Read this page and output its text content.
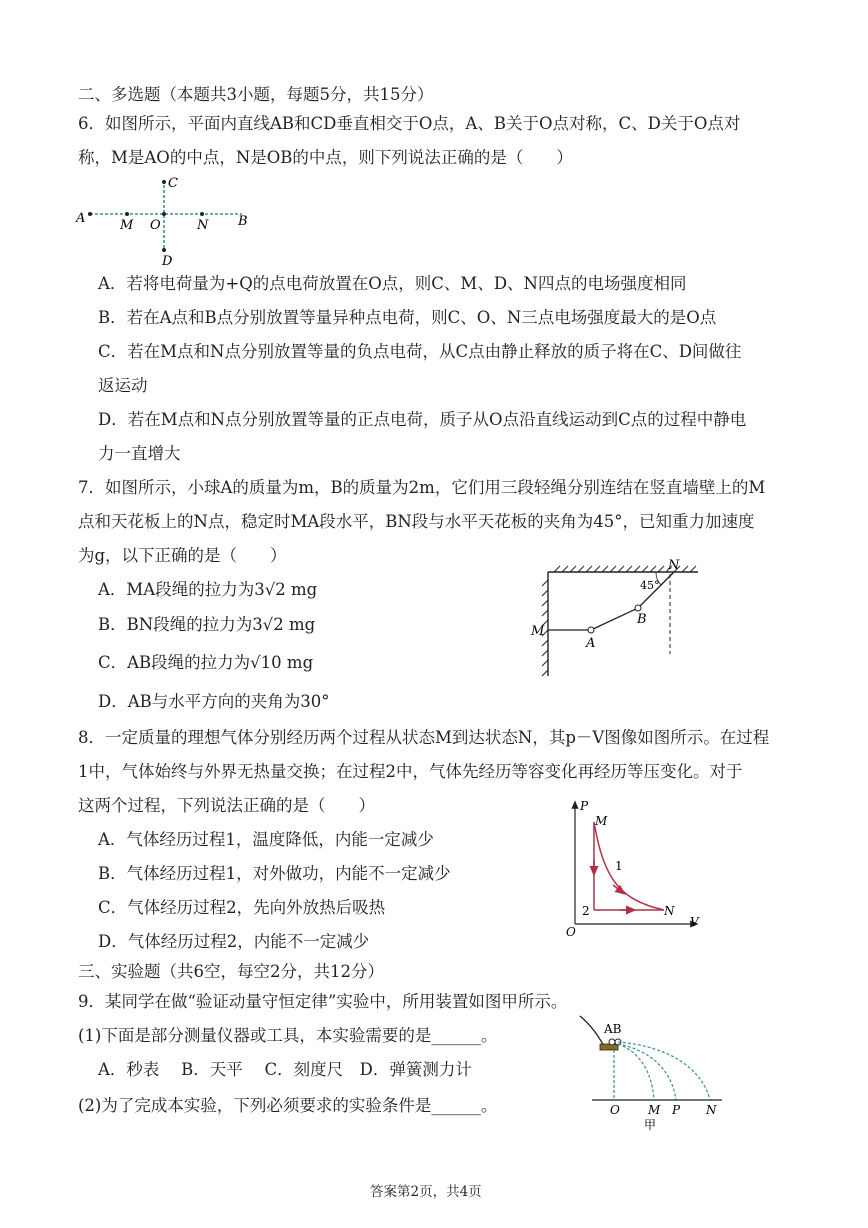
二、多选题（本题共3小题，每题5分，共15分）
6．如图所示，平面内直线AB和CD垂直相交于O点，A、B关于O点对称，C、D关于O点对
称，M是AO的中点，N是OB的中点，则下列说法正确的是（　　）
A	M O	N B
C
D
A．若将电荷量为+Q的点电荷放置在O点，则C、M、D、N四点的电场强度相同
B．若在A点和B点分别放置等量异种点电荷，则C、O、N三点电场强度最大的是O点
C．若在M点和N点分别放置等量的负点电荷，从C点由静止释放的质子将在C、D间做往
返运动
D．若在M点和N点分别放置等量的正点电荷，质子从O点沿直线运动到C点的过程中静电
力一直增大
7．如图所示，小球A的质量为m，B的质量为2m，它们用三段轻绳分别连结在竖直墙壁上的M
点和天花板上的N点，稳定时MA段水平，BN段与水平天花板的夹角为45°，已知重力加速度
为g，以下正确的是（　　）
A．MA段绳的拉力为3√2 mg
B．BN段绳的拉力为3√2 mg
C．AB段绳的拉力为√10 mg
D．AB与水平方向的夹角为30°
N
45°
B
M
A
8．一定质量的理想气体分别经历两个过程从状态M到达状态N，其p－V图像如图所示。在过程
1中，气体始终与外界无热量交换；在过程2中，气体先经历等容变化再经历等压变化。对于
这两个过程，下列说法正确的是（　　）
A．气体经历过程1，温度降低，内能一定减少
B．气体经历过程1，对外做功，内能不一定减少
C．气体经历过程2，先向外放热后吸热
D．气体经历过程2，内能不一定减少
P
M
1
2	N
O
V
三、实验题（共6空，每空2分，共12分）
9．某同学在做“验证动量守恒定律”实验中，所用装置如图甲所示。
(1)下面是部分测量仪器或工具，本实验需要的是______。
A．秒表　 B．天平　 C．刻度尺　D．弹簧测力计
(2)为了完成本实验，下列必须要求的实验条件是______。
AB
O M P N
甲
答案第2页，共4页
